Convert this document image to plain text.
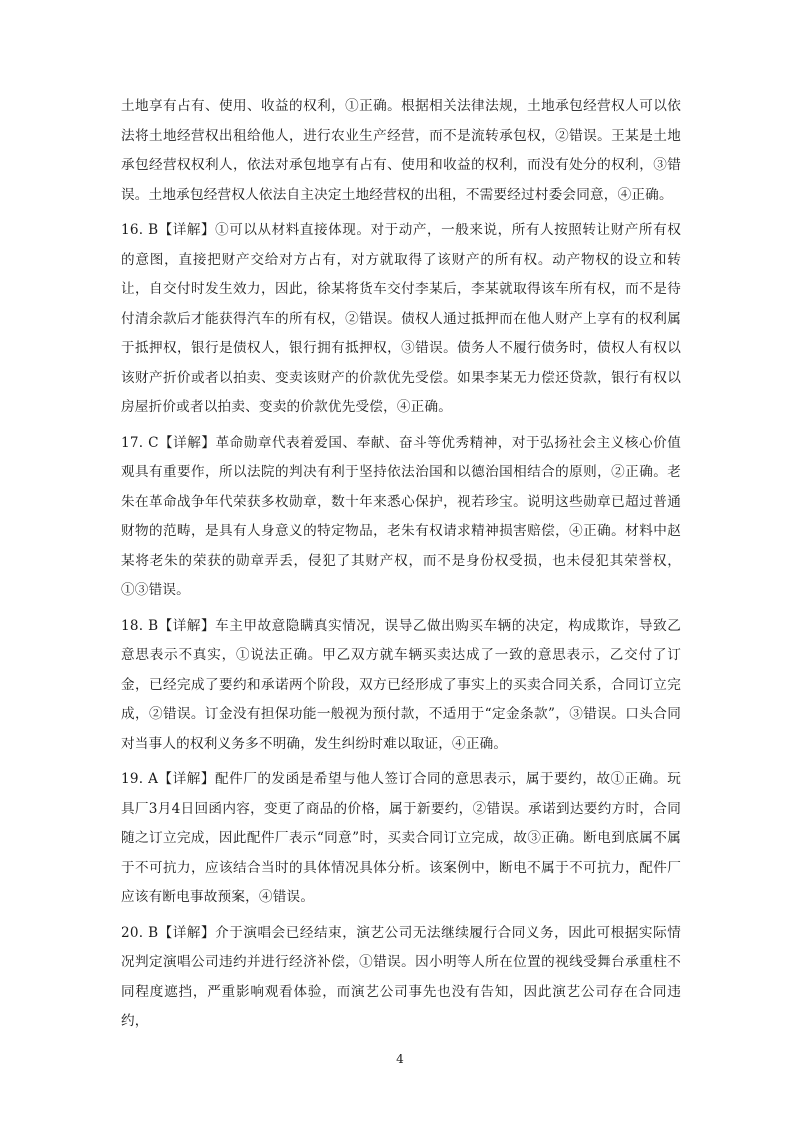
土地享有占有、使用、收益的权利，①正确。根据相关法律法规，土地承包经营权人可以依法将土地经营权出租给他人，进行农业生产经营，而不是流转承包权，②错误。王某是土地承包经营权权利人，依法对承包地享有占有、使用和收益的权利，而没有处分的权利，③错误。土地承包经营权人依法自主决定土地经营权的出租，不需要经过村委会同意，④正确。

16. B【详解】①可以从材料直接体现。对于动产，一般来说，所有人按照转让财产所有权的意图，直接把财产交给对方占有，对方就取得了该财产的所有权。动产物权的设立和转让，自交付时发生效力，因此，徐某将货车交付李某后，李某就取得该车所有权，而不是待付清余款后才能获得汽车的所有权，②错误。债权人通过抵押而在他人财产上享有的权利属于抵押权，银行是债权人，银行拥有抵押权，③错误。债务人不履行债务时，债权人有权以该财产折价或者以拍卖、变卖该财产的价款优先受偿。如果李某无力偿还贷款，银行有权以房屋折价或者以拍卖、变卖的价款优先受偿，④正确。

17. C【详解】革命勋章代表着爱国、奉献、奋斗等优秀精神，对于弘扬社会主义核心价值观具有重要作，所以法院的判决有利于坚持依法治国和以德治国相结合的原则，②正确。老朱在革命战争年代荣获多枚勋章，数十年来悉心保护，视若珍宝。说明这些勋章已超过普通财物的范畴，是具有人身意义的特定物品，老朱有权请求精神损害赔偿，④正确。材料中赵某将老朱的荣获的勋章弄丢，侵犯了其财产权，而不是身份权受损，也未侵犯其荣誉权，①③错误。

18. B【详解】车主甲故意隐瞒真实情况，误导乙做出购买车辆的决定，构成欺诈，导致乙意思表示不真实，①说法正确。甲乙双方就车辆买卖达成了一致的意思表示，乙交付了订金，已经完成了要约和承诺两个阶段，双方已经形成了事实上的买卖合同关系，合同订立完成，②错误。订金没有担保功能一般视为预付款，不适用于“定金条款”，③错误。口头合同对当事人的权利义务多不明确，发生纠纷时难以取证，④正确。

19. A【详解】配件厂的发函是希望与他人签订合同的意思表示，属于要约，故①正确。玩具厂3月4日回函内容，变更了商品的价格，属于新要约，②错误。承诺到达要约方时，合同随之订立完成，因此配件厂表示“同意”时，买卖合同订立完成，故③正确。断电到底属不属于不可抗力，应该结合当时的具体情况具体分析。该案例中，断电不属于不可抗力，配件厂应该有断电事故预案，④错误。

20. B【详解】介于演唱会已经结束，演艺公司无法继续履行合同义务，因此可根据实际情况判定演唱公司违约并进行经济补偿，①错误。因小明等人所在位置的视线受舞台承重柱不同程度遮挡，严重影响观看体验，而演艺公司事先也没有告知，因此演艺公司存在合同违约，

4
